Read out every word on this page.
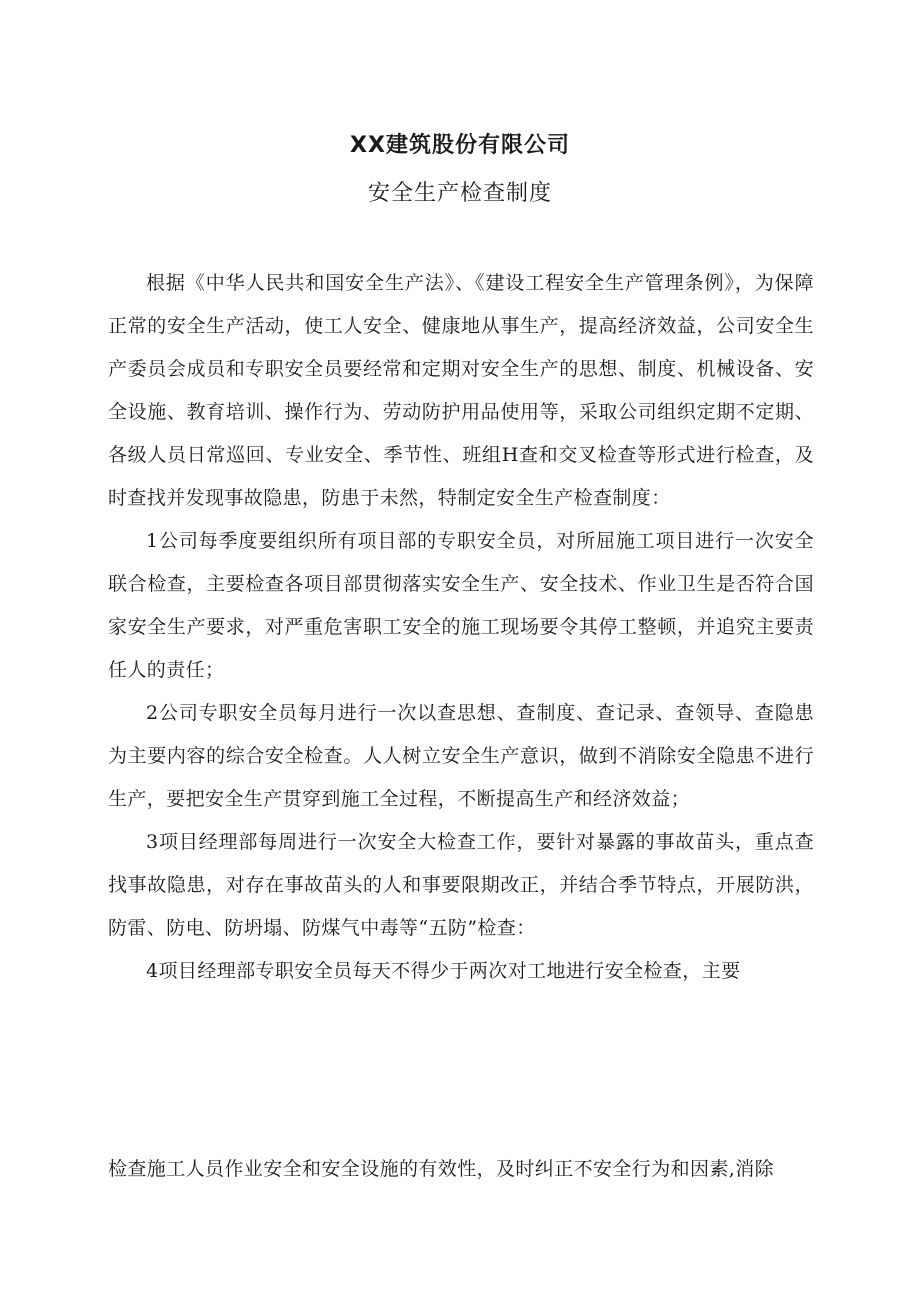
XX建筑股份有限公司
安全生产检查制度

根据《中华人民共和国安全生产法》、《建设工程安全生产管理条例》，为保障正常的安全生产活动，使工人安全、健康地从事生产，提高经济效益，公司安全生产委员会成员和专职安全员要经常和定期对安全生产的思想、制度、机械设备、安全设施、教育培训、操作行为、劳动防护用品使用等，采取公司组织定期不定期、各级人员日常巡回、专业安全、季节性、班组H查和交叉检查等形式进行检查，及时查找并发现事故隐患，防患于未然，特制定安全生产检查制度：

1公司每季度要组织所有项目部的专职安全员，对所屈施工项目进行一次安全联合检查，主要检查各项目部贯彻落实安全生产、安全技术、作业卫生是否符合国家安全生产要求，对严重危害职工安全的施工现场要令其停工整顿，并追究主要责任人的责任；

2公司专职安全员每月进行一次以查思想、查制度、查记录、查领导、查隐患为主要内容的综合安全检查。人人树立安全生产意识，做到不消除安全隐患不进行生产，要把安全生产贯穿到施工全过程，不断提高生产和经济效益；

3项目经理部每周进行一次安全大检查工作，要针对暴露的事故苗头，重点查找事故隐患，对存在事故苗头的人和事要限期改正，并结合季节特点，开展防洪，防雷、防电、防坍塌、防煤气中毒等“五防”检查：

4项目经理部专职安全员每天不得少于两次对工地进行安全检查，主要

检查施工人员作业安全和安全设施的有效性，及时纠正不安全行为和因素,消除
